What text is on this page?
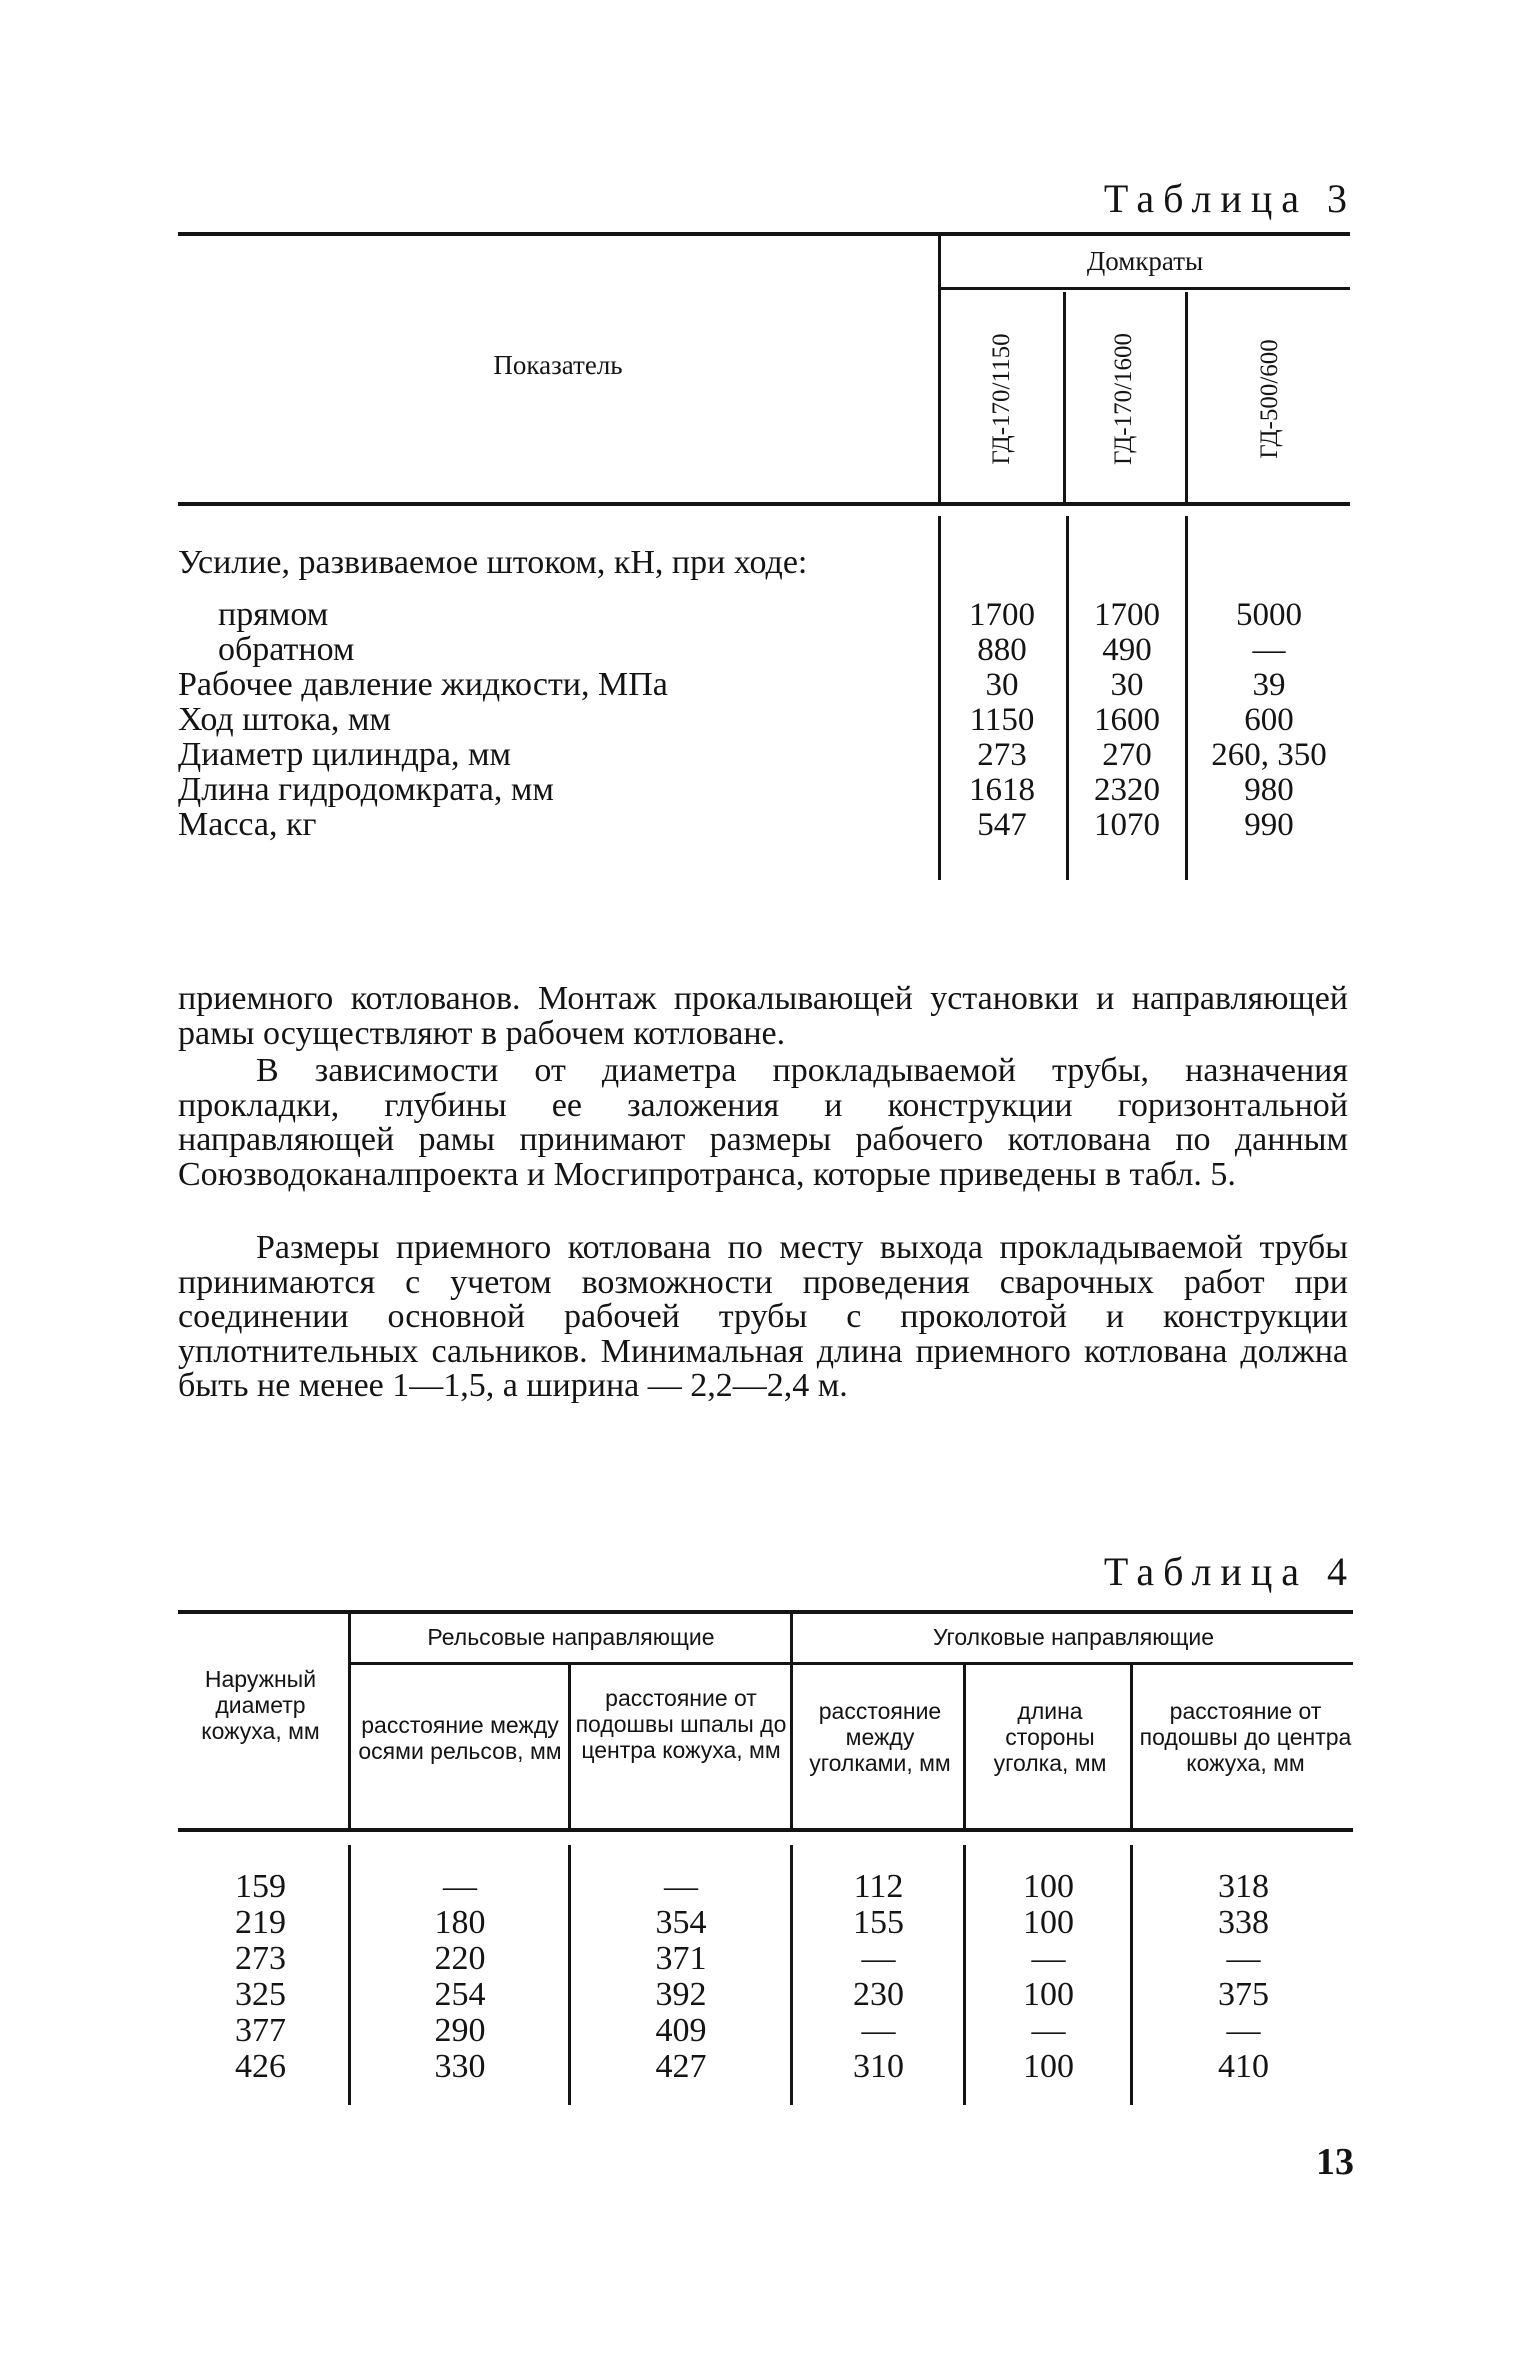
Таблица 3
Показатель
Домкраты
ГД-170/1150	ГД-170/1600	ГД-500/600
Усилие, развиваемое штоком, кН, при ходе:
прямом	1700	1700	5000
обратном	880	490	—
Рабочее давление жидкости, МПа	30	30	39
Ход штока, мм	1150	1600	600
Диаметр цилиндра, мм	273	270	260, 350
Длина гидродомкрата, мм	1618	2320	980
Масса, кг	547	1070	990
приемного котлованов. Монтаж прокалывающей установки и направляющей рамы осуществляют в рабочем котловане.
В зависимости от диаметра прокладываемой трубы, назначения прокладки, глубины ее заложения и конструкции горизонтальной направляющей рамы принимают размеры рабочего котлована по данным Союзводоканалпроекта и Мосгипротранса, которые приведены в табл. 5.
Размеры приемного котлована по месту выхода прокладываемой трубы принимаются с учетом возможности проведения сварочных работ при соединении основной рабочей трубы с проколотой и конструкции уплотнительных сальников. Минимальная длина приемного котлована должна быть не менее 1—1,5, а ширина — 2,2—2,4 м.
Таблица 4
Наружный диаметр кожуха, мм
Рельсовые направляющие	Уголковые направляющие
расстояние между осями рельсов, мм
расстояние от подошвы шпалы до центра кожуха, мм
расстояние между уголками, мм
длина стороны уголка, мм
расстояние от подошвы до центра кожуха, мм
159	—	—	112	100	318
219	180	354	155	100	338
273	220	371	—	—	—
325	254	392	230	100	375
377	290	409	—	—	—
426	330	427	310	100	410
13
